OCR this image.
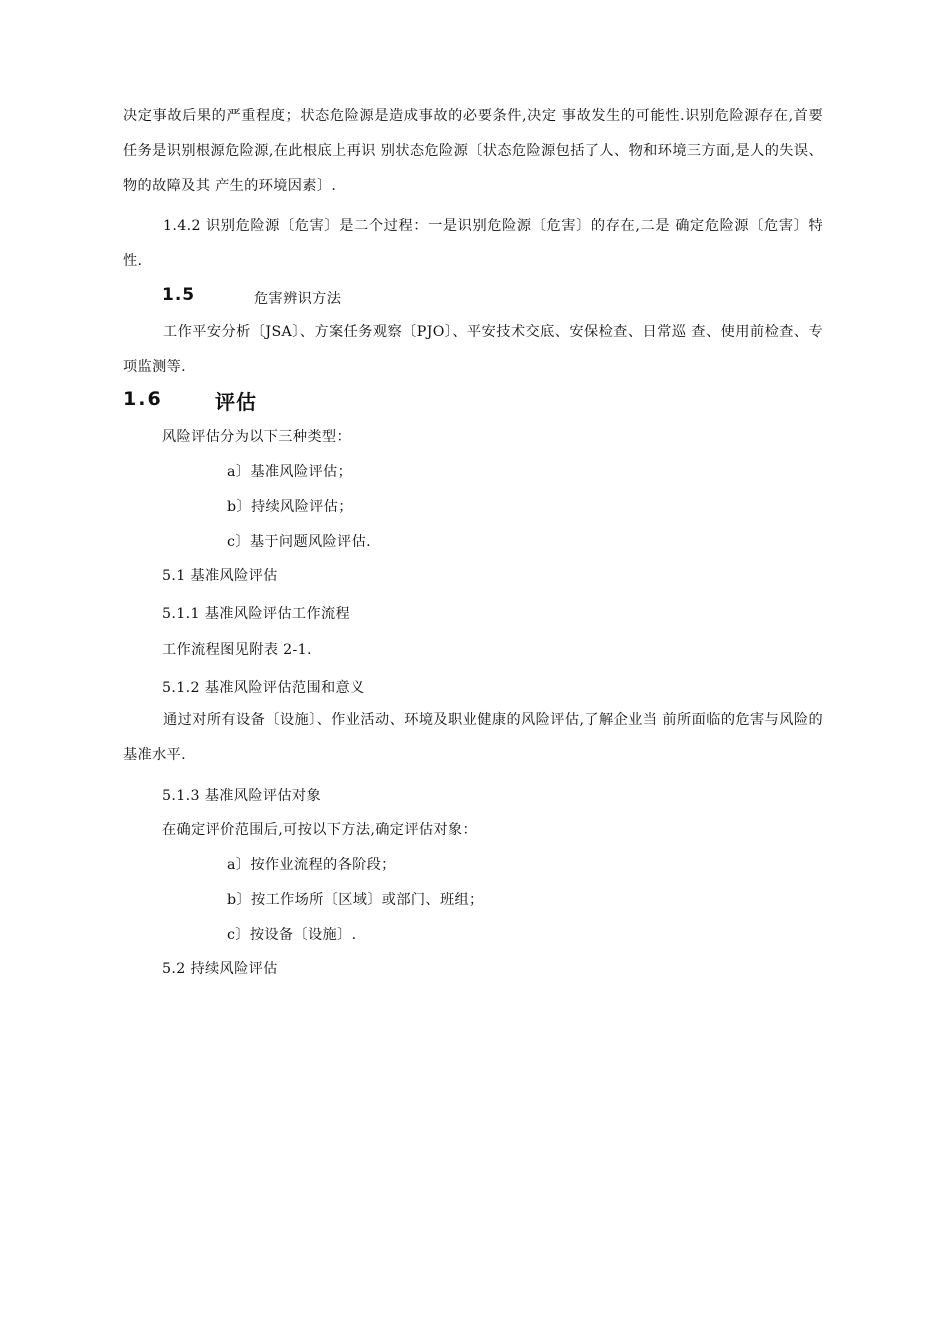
决定事故后果的严重程度；状态危险源是造成事故的必要条件,决定 事故发生的可能性.识别危险源存在,首要任务是识别根源危险源,在此根底上再识 别状态危险源〔状态危险源包括了人、物和环境三方面,是人的失误、物的故障及其 产生的环境因素〕.
1.4.2 识别危险源〔危害〕是二个过程：一是识别危险源〔危害〕的存在,二是 确定危险源〔危害〕特性.
1.5	危害辨识方法
工作平安分析〔JSA〕、方案任务观察〔PJO〕、平安技术交底、安保检查、日常巡 查、使用前检查、专项监测等.
1.6	评估
风险评估分为以下三种类型：
a〕基准风险评估；
b〕持续风险评估；
c〕基于问题风险评估.
5.1 基准风险评估
5.1.1 基准风险评估工作流程
工作流程图见附表 2-1.
5.1.2 基准风险评估范围和意义
通过对所有设备〔设施〕、作业活动、环境及职业健康的风险评估,了解企业当 前所面临的危害与风险的基准水平.
5.1.3 基准风险评估对象
在确定评价范围后,可按以下方法,确定评估对象：
a〕按作业流程的各阶段；
b〕按工作场所〔区域〕或部门、班组；
c〕按设备〔设施〕.
5.2 持续风险评估
